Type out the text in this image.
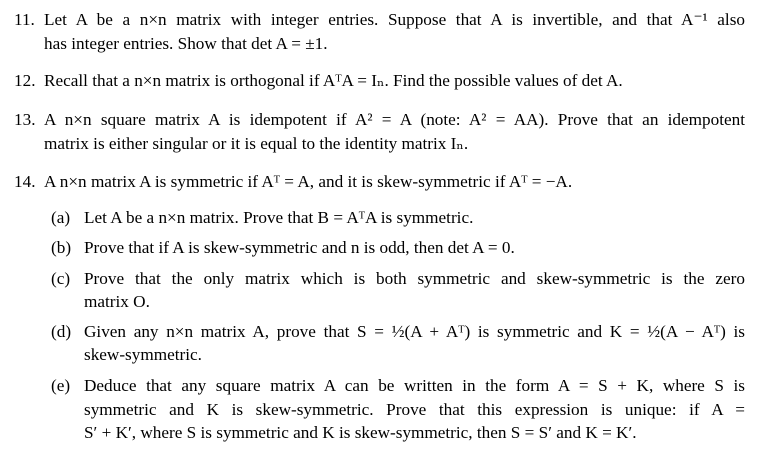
11. Let A be a n×n matrix with integer entries. Suppose that A is invertible, and that A⁻¹ also
has integer entries. Show that det A = ±1.
12. Recall that a n×n matrix is orthogonal if AᵀA = Iₙ. Find the possible values of det A.
13. A n×n square matrix A is idempotent if A² = A (note: A² = AA). Prove that an idempotent
matrix is either singular or it is equal to the identity matrix Iₙ.
14. A n×n matrix A is symmetric if Aᵀ = A, and it is skew-symmetric if Aᵀ = −A.
(a) Let A be a n×n matrix. Prove that B = AᵀA is symmetric.
(b) Prove that if A is skew-symmetric and n is odd, then det A = 0.
(c) Prove that the only matrix which is both symmetric and skew-symmetric is the zero
matrix O.
(d) Given any n×n matrix A, prove that S = ½(A + Aᵀ) is symmetric and K = ½(A − Aᵀ) is
skew-symmetric.
(e) Deduce that any square matrix A can be written in the form A = S + K, where S is
symmetric and K is skew-symmetric. Prove that this expression is unique: if A =
S′ + K′, where S is symmetric and K is skew-symmetric, then S = S′ and K = K′.
